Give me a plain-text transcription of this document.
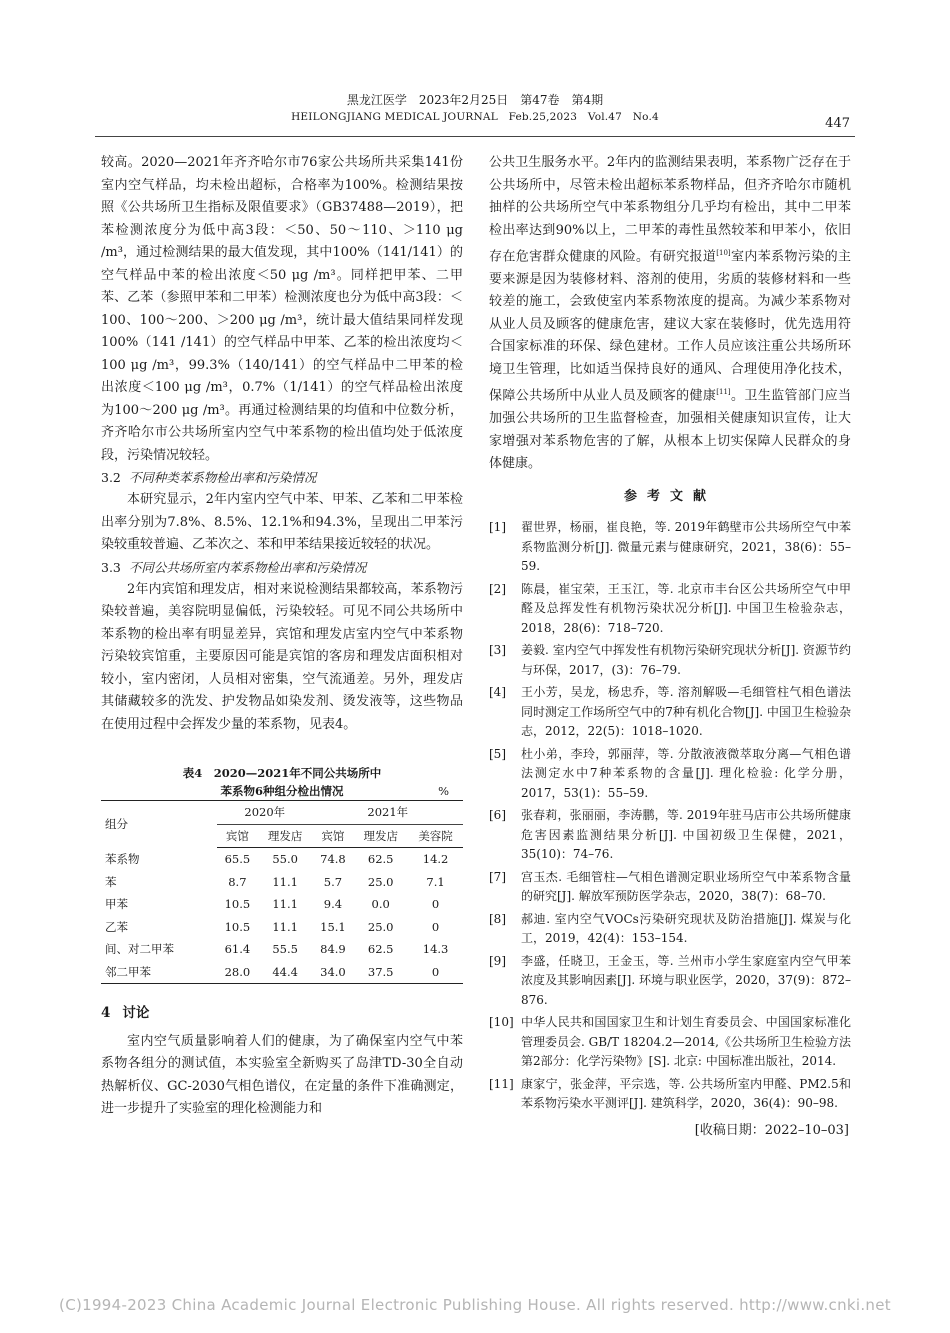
黑龙江医学　2023年2月25日　第47卷　第4期
HEILONGJIANG MEDICAL JOURNAL　Feb.25,2023　Vol.47　No.4	447

较高。2020—2021年齐齐哈尔市76家公共场所共采集141份室内空气样品，均未检出超标，合格率为100%。检测结果按照《公共场所卫生指标及限值要求》（GB37488—2019），把苯检测浓度分为低中高3段：＜50、50～110、＞110 μg /m³，通过检测结果的最大值发现，其中100%（141/141）的空气样品中苯的检出浓度＜50 μg /m³。同样把甲苯、二甲苯、乙苯（参照甲苯和二甲苯）检测浓度也分为低中高3段：＜100、100～200、＞200 μg /m³，统计最大值结果同样发现100%（141 /141）的空气样品中甲苯、乙苯的检出浓度均＜100 μg /m³，99.3%（140/141）的空气样品中二甲苯的检出浓度＜100 μg /m³，0.7%（1/141）的空气样品检出浓度为100～200 μg /m³。再通过检测结果的均值和中位数分析，齐齐哈尔市公共场所室内空气中苯系物的检出值均处于低浓度段，污染情况较轻。

3.2 不同种类苯系物检出率和污染情况

本研究显示，2年内室内空气中苯、甲苯、乙苯和二甲苯检出率分别为7.8%、8.5%、12.1%和94.3%，呈现出二甲苯污染较重较普遍、乙苯次之、苯和甲苯结果接近较轻的状况。

3.3 不同公共场所室内苯系物检出率和污染情况

2年内宾馆和理发店，相对来说检测结果都较高，苯系物污染较普遍，美容院明显偏低，污染较轻。可见不同公共场所中苯系物的检出率有明显差异，宾馆和理发店室内空气中苯系物污染较宾馆重，主要原因可能是宾馆的客房和理发店面积相对较小，室内密闭，人员相对密集，空气流通差。另外，理发店其储藏较多的洗发、护发物品如染发剂、烫发液等，这些物品在使用过程中会挥发少量的苯系物，见表4。

表4　2020—2021年不同公共场所中
苯系物6种组分检出情况	%
组分	2020年		2021年		
	宾馆	理发店	宾馆	理发店	美容院
苯系物	65.5	55.0	74.8	62.5	14.2
苯	8.7	11.1	5.7	25.0	7.1
甲苯	10.5	11.1	9.4	0.0	0
乙苯	10.5	11.1	15.1	25.0	0
间、对二甲苯	61.4	55.5	84.9	62.5	14.3
邻二甲苯	28.0	44.4	34.0	37.5	0
4 讨论

室内空气质量影响着人们的健康，为了确保室内空气中苯系物各组分的测试值，本实验室全新购买了岛津TD-30全自动热解析仪、GC-2030气相色谱仪，在定量的条件下准确测定，进一步提升了实验室的理化检测能力和

公共卫生服务水平。2年内的监测结果表明，苯系物广泛存在于公共场所中，尽管未检出超标苯系物样品，但齐齐哈尔市随机抽样的公共场所空气中苯系物组分几乎均有检出，其中二甲苯检出率达到90%以上，二甲苯的毒性虽然较苯和甲苯小，依旧存在危害群众健康的风险。有研究报道[10]室内苯系物污染的主要来源是因为装修材料、溶剂的使用，劣质的装修材料和一些较差的施工，会致使室内苯系物浓度的提高。为减少苯系物对从业人员及顾客的健康危害，建议大家在装修时，优先选用符合国家标准的环保、绿色建材。工作人员应该注重公共场所环境卫生管理，比如适当保持良好的通风、合理使用净化技术，保障公共场所中从业人员及顾客的健康[11]。卫生监管部门应当加强公共场所的卫生监督检查，加强相关健康知识宣传，让大家增强对苯系物危害的了解，从根本上切实保障人民群众的身体健康。

参考文献
[1]	翟世界，杨丽，崔良艳，等. 2019年鹤壁市公共场所空气中苯系物监测分析[J]. 微量元素与健康研究，2021，38(6)：55–59.
[2]	陈晨，崔宝荣，王玉江，等. 北京市丰台区公共场所空气中甲醛及总挥发性有机物污染状况分析[J]. 中国卫生检验杂志，2018，28(6)：718–720.
[3]	姜毅. 室内空气中挥发性有机物污染研究现状分析[J]. 资源节约与环保，2017，(3)：76–79.
[4]	王小芳，吴龙，杨忠乔，等. 溶剂解吸—毛细管柱气相色谱法同时测定工作场所空气中的7种有机化合物[J]. 中国卫生检验杂志，2012，22(5)：1018–1020.
[5]	杜小弟，李玲，郭丽萍，等. 分散液液微萃取分离—气相色谱法测定水中7种苯系物的含量[J]. 理化检验: 化学分册，2017，53(1)：55–59.
[6]	张春莉，张丽丽，李涛鹏，等. 2019年驻马店市公共场所健康危害因素监测结果分析[J]. 中国初级卫生保健，2021，35(10)：74–76.
[7]	宫玉杰. 毛细管柱—气相色谱测定职业场所空气中苯系物含量的研究[J]. 解放军预防医学杂志，2020，38(7)：68–70.
[8]	郝迪. 室内空气VOCs污染研究现状及防治措施[J]. 煤炭与化工，2019，42(4)：153–154.
[9]	李盛，任晓卫，王金玉，等. 兰州市小学生家庭室内空气甲苯浓度及其影响因素[J]. 环境与职业医学，2020，37(9)：872–876.
[10] 中华人民共和国国家卫生和计划生育委员会、中国国家标准化管理委员会. GB/T 18204.2—2014,《公共场所卫生检验方法 第2部分：化学污染物》[S]. 北京: 中国标准出版社，2014.
[11] 康家宁，张金萍，平宗选，等. 公共场所室内甲醛、PM2.5和苯系物污染水平测评[J]. 建筑科学，2020，36(4)：90–98.
[收稿日期：2022–10–03]
(C)1994-2023 China Academic Journal Electronic Publishing House. All rights reserved. http://www.cnki.net
